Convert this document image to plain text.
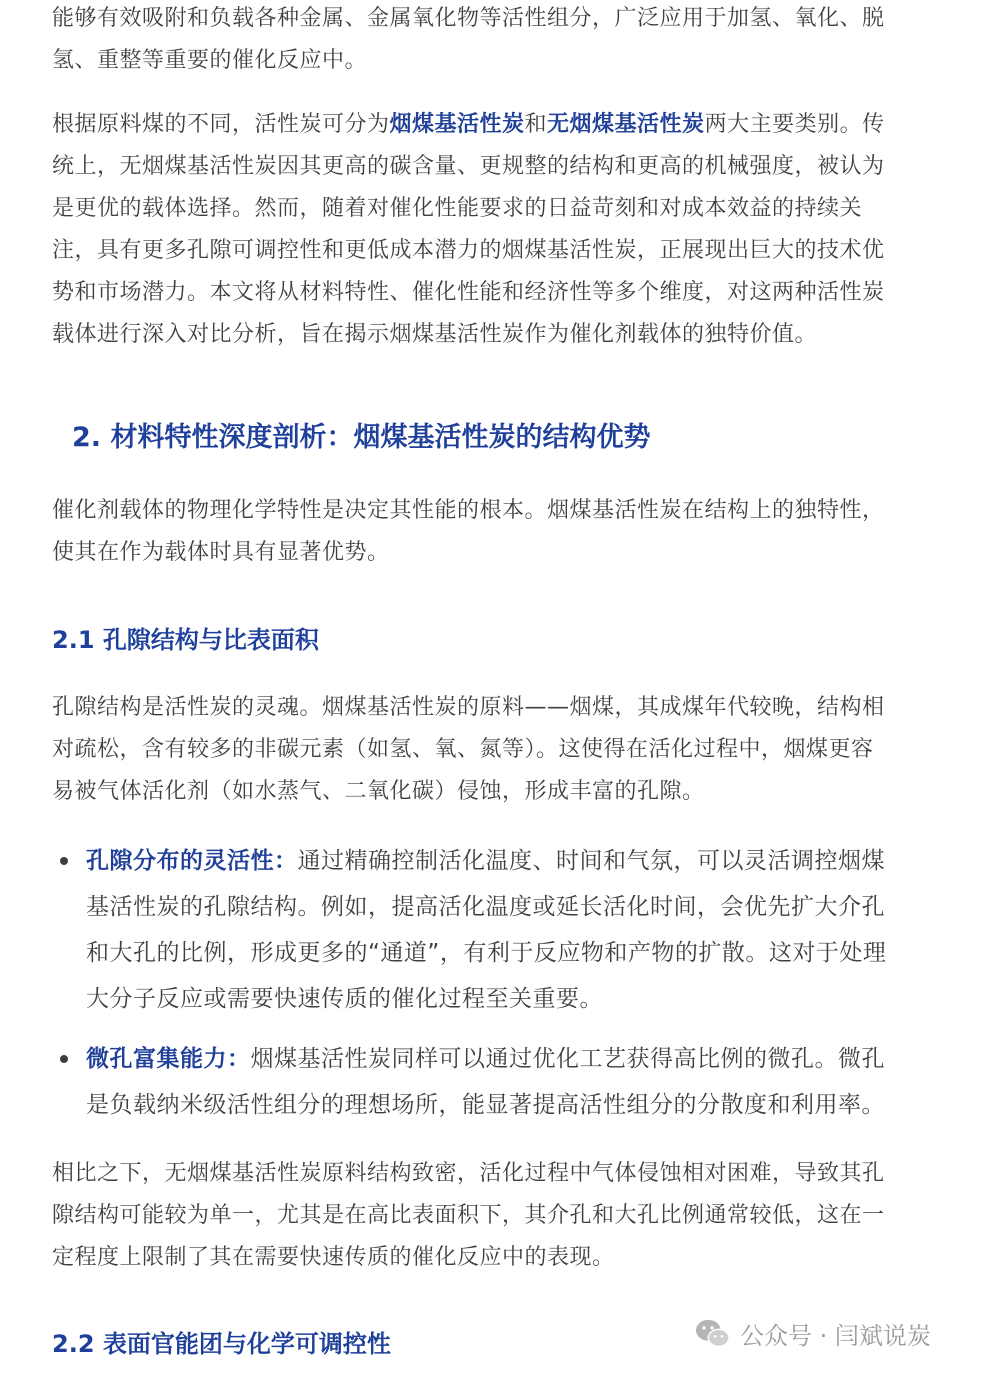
能够有效吸附和负载各种金属、金属氧化物等活性组分，广泛应用于加氢、氧化、脱

氢、重整等重要的催化反应中。

根据原料煤的不同，活性炭可分为烟煤基活性炭和无烟煤基活性炭两大主要类别。传

统上，无烟煤基活性炭因其更高的碳含量、更规整的结构和更高的机械强度，被认为

是更优的载体选择。然而，随着对催化性能要求的日益苛刻和对成本效益的持续关

注，具有更多孔隙可调控性和更低成本潜力的烟煤基活性炭，正展现出巨大的技术优

势和市场潜力。本文将从材料特性、催化性能和经济性等多个维度，对这两种活性炭

载体进行深入对比分析，旨在揭示烟煤基活性炭作为催化剂载体的独特价值。

2. 材料特性深度剖析：烟煤基活性炭的结构优势

催化剂载体的物理化学特性是决定其性能的根本。烟煤基活性炭在结构上的独特性，

使其在作为载体时具有显著优势。

2.1 孔隙结构与比表面积

孔隙结构是活性炭的灵魂。烟煤基活性炭的原料——烟煤，其成煤年代较晚，结构相

对疏松，含有较多的非碳元素（如氢、氧、氮等）。这使得在活化过程中，烟煤更容

易被气体活化剂（如水蒸气、二氧化碳）侵蚀，形成丰富的孔隙。

孔隙分布的灵活性：通过精确控制活化温度、时间和气氛，可以灵活调控烟煤
基活性炭的孔隙结构。例如，提高活化温度或延长活化时间，会优先扩大介孔
和大孔的比例，形成更多的“通道”，有利于反应物和产物的扩散。这对于处理
大分子反应或需要快速传质的催化过程至关重要。
微孔富集能力：烟煤基活性炭同样可以通过优化工艺获得高比例的微孔。微孔
是负载纳米级活性组分的理想场所，能显著提高活性组分的分散度和利用率。

相比之下，无烟煤基活性炭原料结构致密，活化过程中气体侵蚀相对困难，导致其孔

隙结构可能较为单一，尤其是在高比表面积下，其介孔和大孔比例通常较低，这在一

定程度上限制了其在需要快速传质的催化反应中的表现。

2.2 表面官能团与化学可调控性	公众号 · 闫斌说炭
